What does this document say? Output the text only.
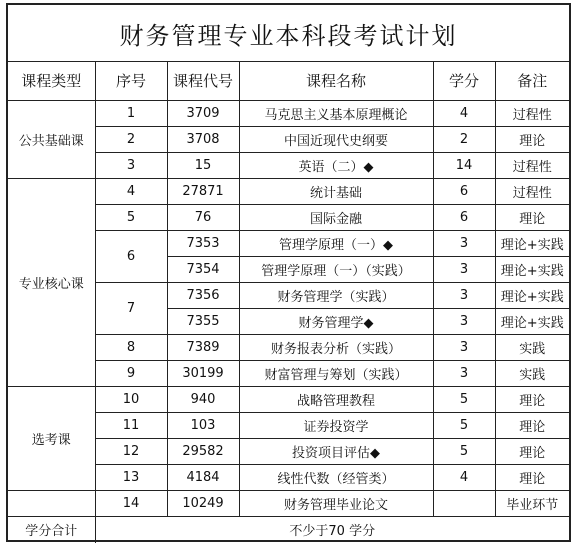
财务管理专业本科段考试计划
课程类型	序号	课程代号	课程名称	学分	备注
公共基础课	1	3709	马克思主义基本原理概论	4	过程性
	2	3708	中国近现代史纲要	2	理论
	3	15	英语（二）◆	14	过程性
专业核心课	4	27871	统计基础	6	过程性
	5	76	国际金融	6	理论
	6	7353	管理学原理（一）◆	3	理论+实践
		7354	管理学原理（一）（实践）	3	理论+实践
	7	7356	财务管理学（实践）	3	理论+实践
		7355	财务管理学◆	3	理论+实践
	8	7389	财务报表分析（实践）	3	实践
	9	30199	财富管理与筹划（实践）	3	实践
选考课	10	940	战略管理教程	5	理论
	11	103	证券投资学	5	理论
	12	29582	投资项目评估◆	5	理论
	13	4184	线性代数（经管类）	4	理论
	14	10249	财务管理毕业论文		毕业环节
学分合计	不少于70 学分				
